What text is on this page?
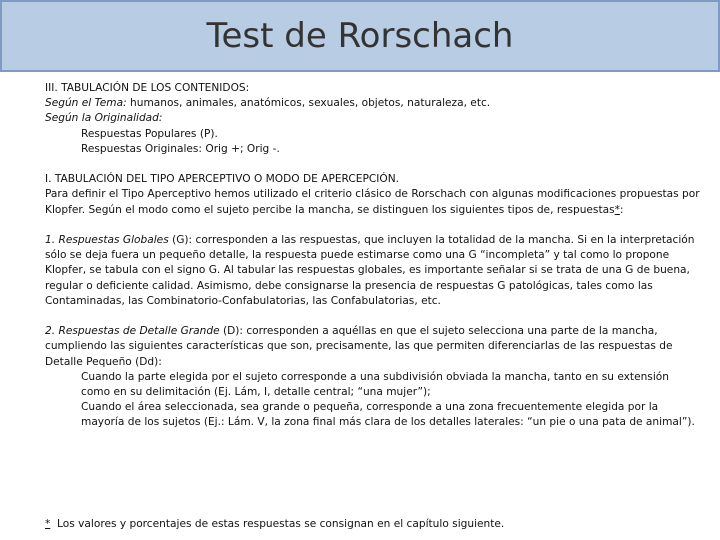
Test de Rorschach

III. TABULACIÓN DE LOS CONTENIDOS:

Según el Tema: humanos, animales, anatómicos, sexuales, objetos, naturaleza, etc.

Según la Originalidad:

Respuestas Populares (P).

Respuestas Originales: Orig +; Orig -.

I. TABULACIÓN DEL TIPO APERCEPTIVO O MODO DE APERCEPCIÓN.

Para definir el Tipo Aperceptivo hemos utilizado el criterio clásico de Rorschach con algunas modificaciones propuestas por Klopfer. Según el modo como el sujeto percibe la mancha, se distinguen los siguientes tipos de, respuestas*:

1. Respuestas Globales (G): corresponden a las respuestas, que incluyen la totalidad de la mancha. Si en la interpretación sólo se deja fuera un pequeño detalle, la respuesta puede estimarse como una G “incompleta” y tal como lo propone Klopfer, se tabula con el signo G. Al tabular las respuestas globales, es importante señalar si se trata de una G de buena, regular o deficiente calidad. Asimismo, debe consignarse la presencia de respuestas G patológicas, tales como las Contaminadas, las Combinatorio-Confabulatorias, las Confabulatorias, etc.

2. Respuestas de Detalle Grande (D): corresponden a aquéllas en que el sujeto selecciona una parte de la mancha, cumpliendo las siguientes características que son, precisamente, las que permiten diferenciarlas de las respuestas de Detalle Pequeño (Dd):

Cuando la parte elegida por el sujeto corresponde a una subdivisión obviada la mancha, tanto en su extensión como en su delimitación (Ej. Lám, I, detalle central; “una mujer”);

Cuando el área seleccionada, sea grande o pequeña, corresponde a una zona frecuentemente elegida por la mayoría de los sujetos (Ej.: Lám. V, la zona final más clara de los detalles laterales: “un pie o una pata de animal”).

* Los valores y porcentajes de estas respuestas se consignan en el capítulo siguiente.
